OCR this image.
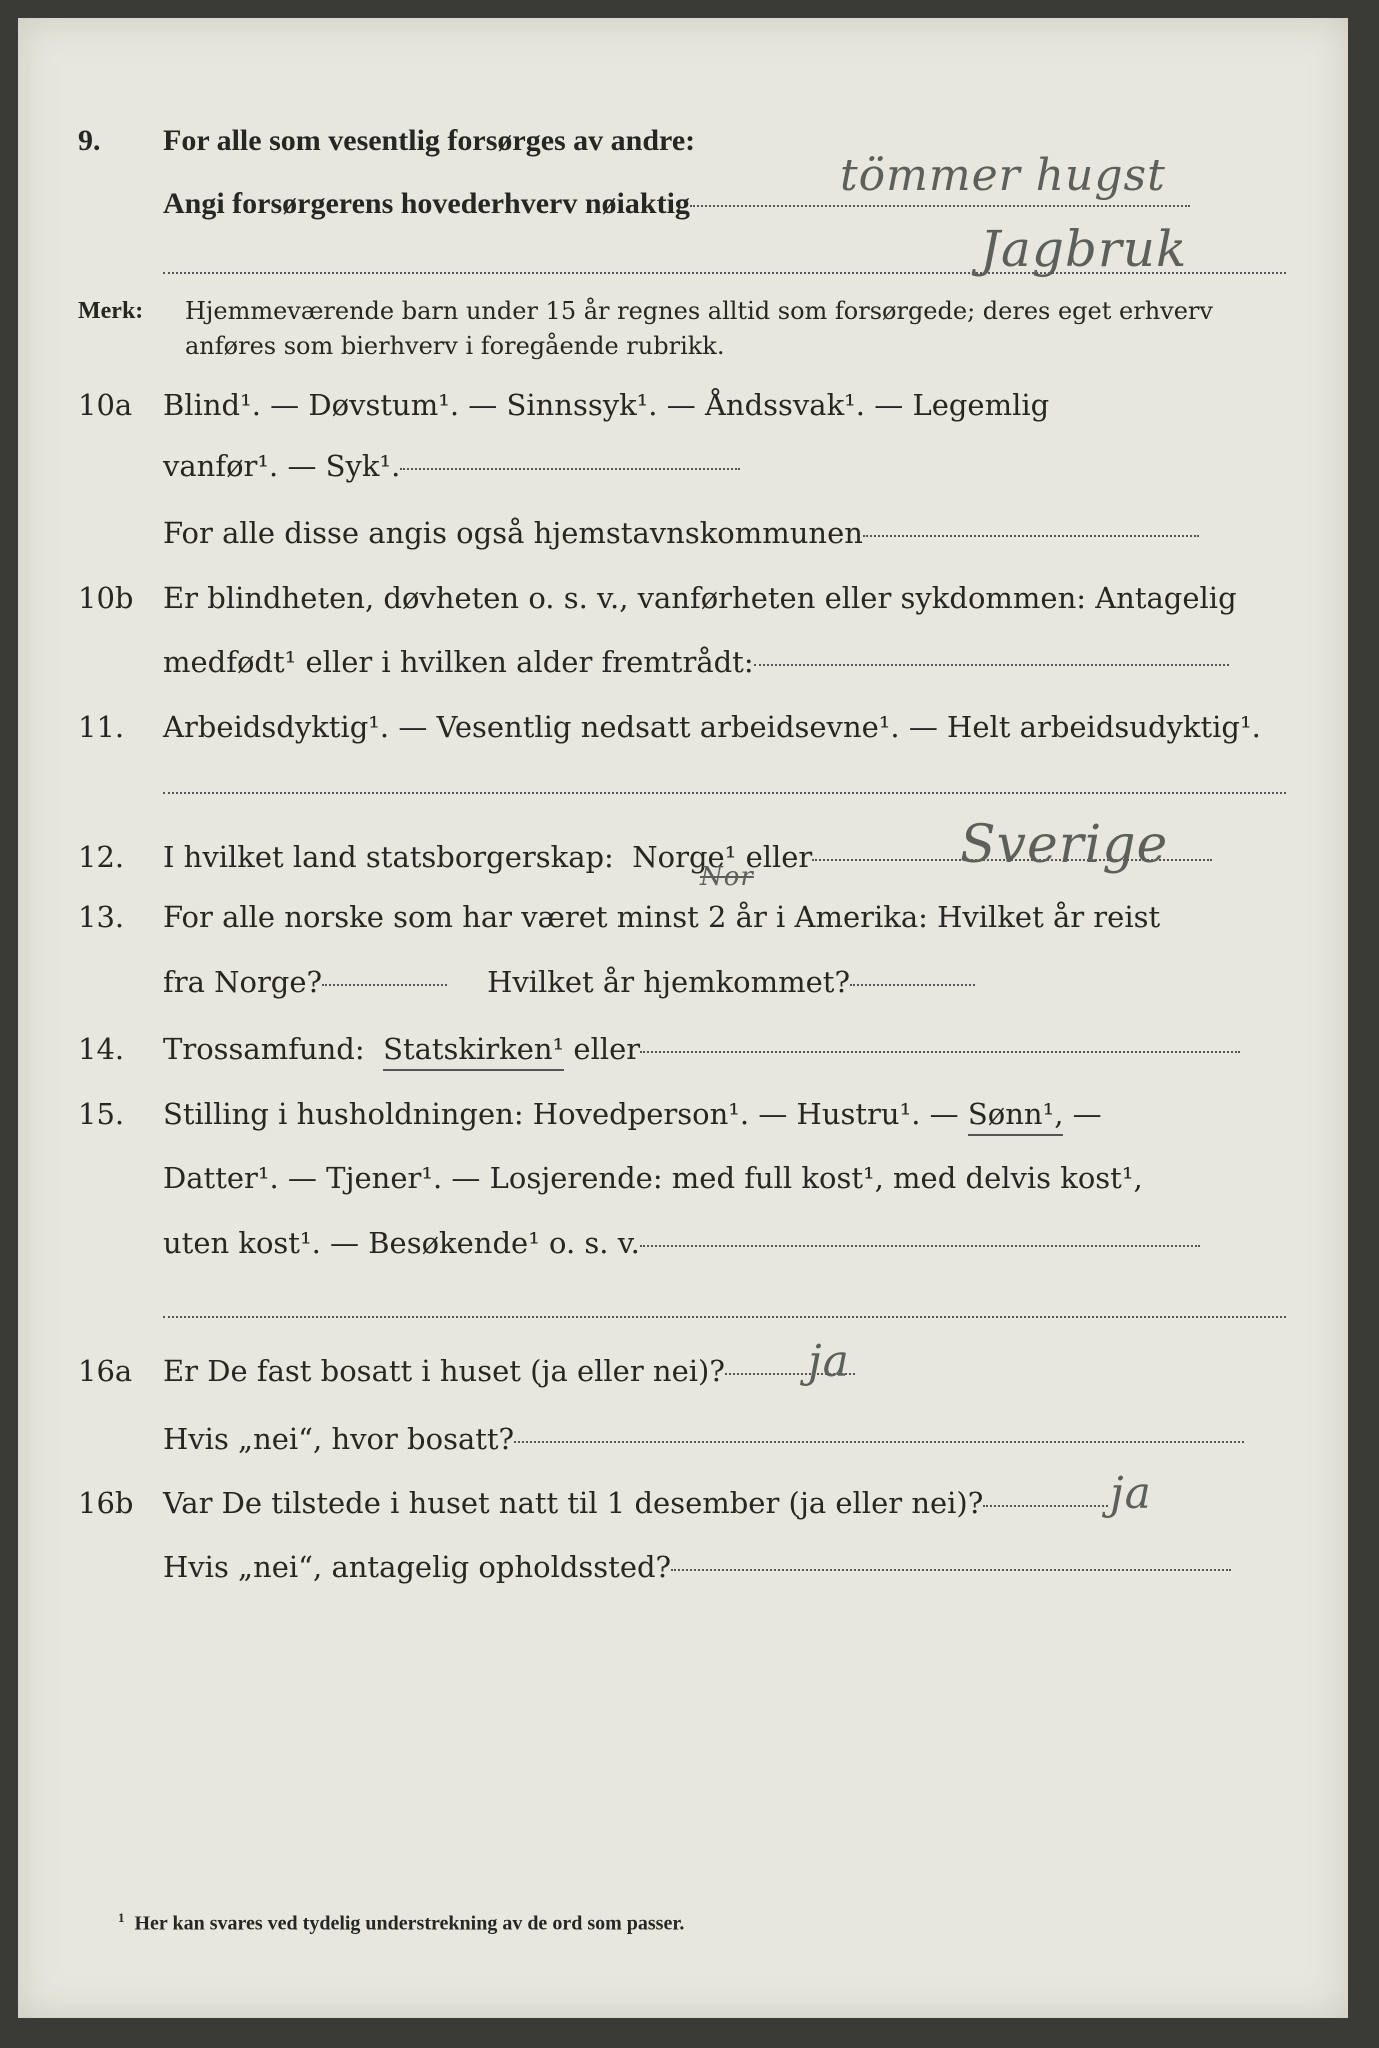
9. For alle som vesentlig forsørges av andre:
Angi forsørgerens hovederhverv nøiaktig
tömmer hugst
Jagbruk
Merk: Hjemmeværende barn under 15 år regnes alltid som forsørgede; deres eget erhverv
anføres som bierhverv i foregående rubrikk.
10a Blind¹. — Døvstum¹. — Sinnssyk¹. — Åndssvak¹. — Legemlig
vanfør¹. — Syk¹.
For alle disse angis også hjemstavnskommunen
10b Er blindheten, døvheten o. s. v., vanførheten eller sykdommen: Antagelig
medfødt¹ eller i hvilken alder fremtrådt:
11. Arbeidsdyktig¹. — Vesentlig nedsatt arbeidsevne¹. — Helt arbeidsudyktig¹.
12. I hvilket land statsborgerskap:
Norge¹
eller
Nor
Sverige
13. For alle norske som har været minst 2 år i Amerika: Hvilket år reist
fra Norge?	Hvilket år hjemkommet?
14. Trossamfund:
Statskirken¹
eller
15. Stilling i husholdningen: Hovedperson¹. — Hustru¹. —
Sønn¹,
—
Datter¹. — Tjener¹. — Losjerende: med full kost¹, med delvis kost¹,
uten kost¹. — Besøkende¹ o. s. v.
16a Er De fast bosatt i huset (ja eller nei)? ja
Hvis „nei“, hvor bosatt?
16b Var De tilstede i huset natt til 1 desember (ja eller nei)?	ja
Hvis „nei“, antagelig opholdssted?
$^1$ Her kan svares ved tydelig understrekning av de ord som passer.
